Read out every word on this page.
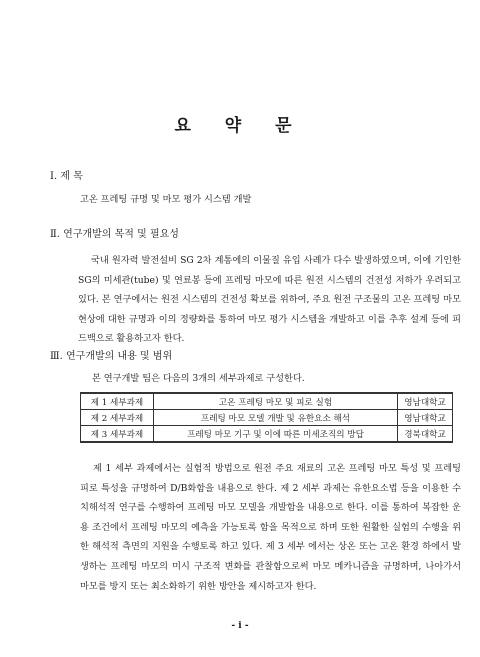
요 약 문
Ⅰ. 제 목
고온 프레팅 규명 및 마모 평가 시스템 개발
Ⅱ. 연구개발의 목적 및 필요성
국내 원자력 발전설비 SG 2차 계통에의 이물질 유입 사례가 다수 발생하였으며, 이에 기인한 SG의 미세관(tube) 및 연료봉 등에 프레팅 마모에 따른 원전 시스템의 건전성 저하가 우려되고 있다. 본 연구에서는 원전 시스템의 건전성 확보를 위하여, 주요 원전 구조물의 고온 프레팅 마모 현상에 대한 규명과 이의 정량화를 통하여 마모 평가 시스템을 개발하고 이를 추후 설계 등에 피드백으로 활용하고자 한다.
Ⅲ. 연구개발의 내용 및 범위
본 연구개발 팀은 다음의 3개의 세부과제로 구성한다.
제 1 세부과제	고온 프레팅 마모 및 피로 실험	영남대학교
제 2 세부과제	프레팅 마모 모델 개발 및 유한요소 해석	영남대학교
제 3 세부과제	프레팅 마모 기구 및 이에 따른 미세조직의 방답	경북대학교
제 1 세부 과제에서는 실험적 방법으로 원전 주요 재료의 고온 프레팅 마모 특성 및 프레팅 피로 특성을 규명하여 D/B화함을 내용으로 한다. 제 2 세부 과제는 유한요소법 등을 이용한 수치해석적 연구를 수행하여 프레팅 마모 모델을 개발함을 내용으로 한다. 이를 통하여 복잡한 운용 조건에서 프레팅 마모의 예측을 가능토록 함을 목적으로 하며 또한 원활한 실험의 수행을 위한 해석적 측면의 지원을 수행토록 하고 있다. 제 3 세부 에서는 상온 또는 고온 환경 하에서 발생하는 프레팅 마모의 미시 구조적 변화를 관찰함으로써 마모 메카니즘을 규명하며, 나아가서 마모를 방지 또는 최소화하기 위한 방안을 제시하고자 한다.
- i -
